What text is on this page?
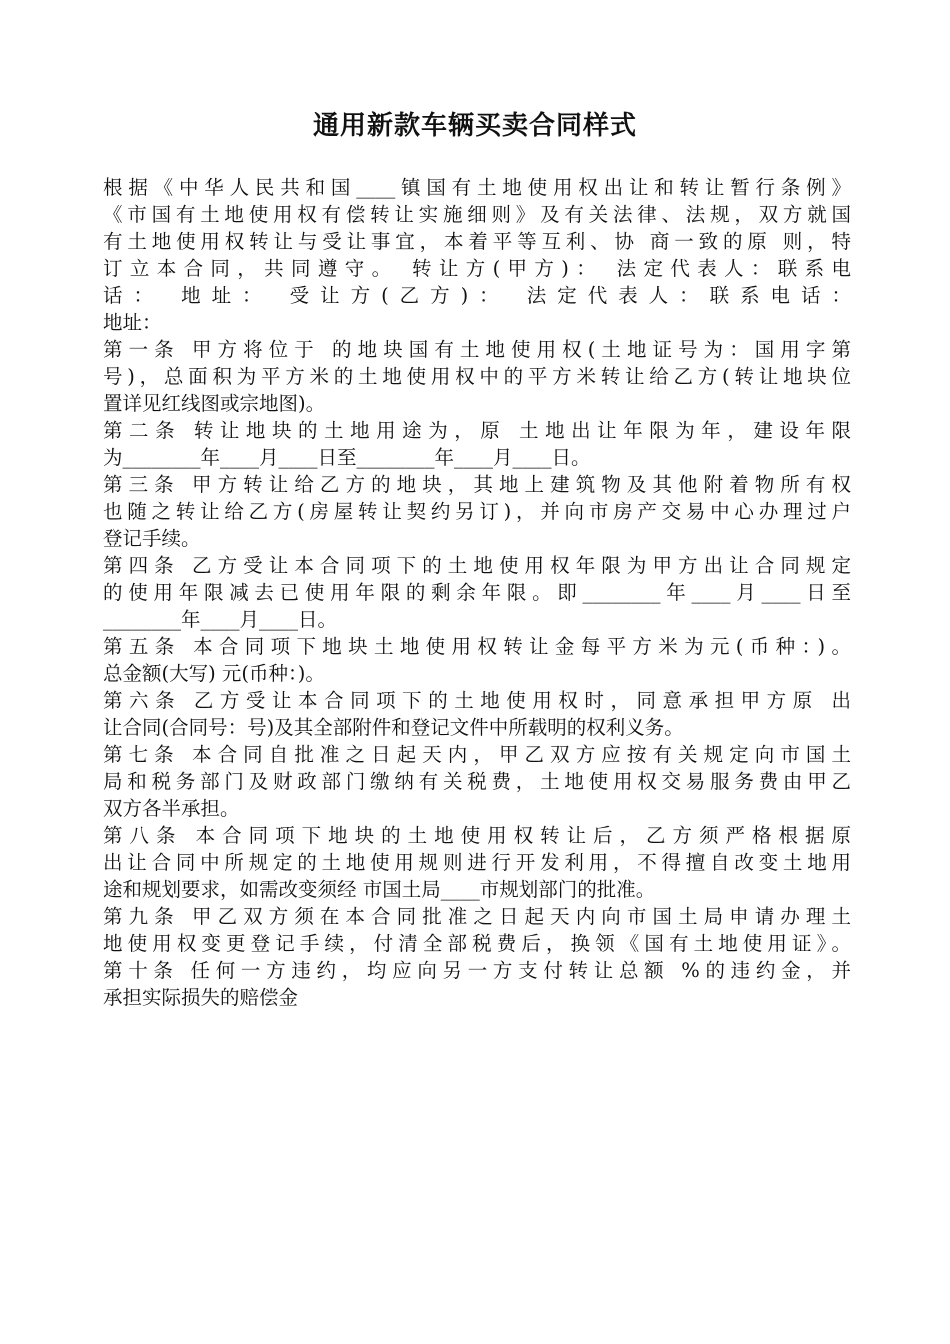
通用新款车辆买卖合同样式
根据《中华人民共和国____镇国有土地使用权出让和转让暂行条例》
《市国有土地使用权有偿转让实施细则》及有关法律、法规，双方就国
有土地使用权转让与受让事宜，本着平等互利、协 商一致的原 则，特
订立本合同，共同遵守。 转让方(甲方)： 法定代表人：联系电
话： 地址： 受让方(乙方)： 法定代表人：联系电话：
地址：
第一条 甲方将位于 的地块国有土地使用权(土地证号为：国用字第
号)，总面积为平方米的土地使用权中的平方米转让给乙方(转让地块位
置详见红线图或宗地图)。
第二条 转让地块的土地用途为，原 土地出让年限为年，建设年限
为________年____月____日至________年____月____日。
第三条 甲方转让给乙方的地块，其地上建筑物及其他附着物所有权
也随之转让给乙方(房屋转让契约另订)，并向市房产交易中心办理过户
登记手续。
第四条 乙方受让本合同项下的土地使用权年限为甲方出让合同规定
的使用年限减去已使用年限的剩余年限。即________年____月____日至
________年____月____日。
第五条 本合同项下地块土地使用权转让金每平方米为元(币种：)。
总金额(大写) 元(币种：)。
第六条 乙方受让本合同项下的土地使用权时，同意承担甲方原 出
让合同(合同号：号)及其全部附件和登记文件中所载明的权利义务。
第七条 本合同自批准之日起天内，甲乙双方应按有关规定向市国土
局和税务部门及财政部门缴纳有关税费，土地使用权交易服务费由甲乙
双方各半承担。
第八条 本合同项下地块的土地使用权转让后，乙方须严格根据原
出让合同中所规定的土地使用规则进行开发利用，不得擅自改变土地用
途和规划要求，如需改变须经 市国土局____市规划部门的批准。
第九条 甲乙双方须在本合同批准之日起天内向市国土局申请办理土
地使用权变更登记手续，付清全部税费后，换领《国有土地使用证》。
第十条 任何一方违约，均应向另一方支付转让总额 %的违约金，并
承担实际损失的赔偿金
